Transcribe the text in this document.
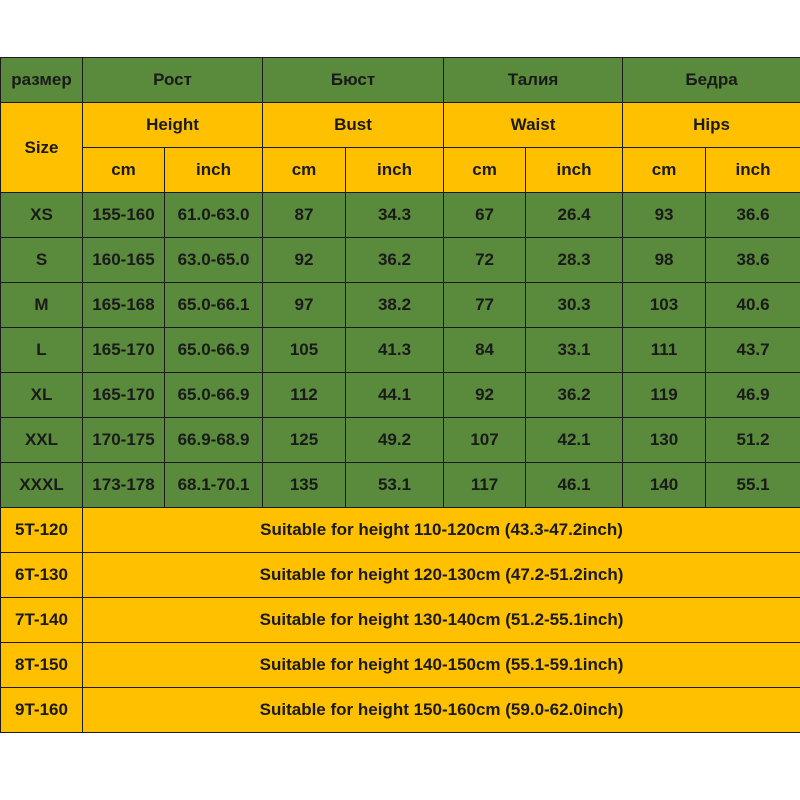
размер	Рост		Бюст		Талия		Бедра	
Size	Height		Bust		Waist		Hips	
	cm	inch	cm	inch	cm	inch	cm	inch
XS	155-160	61.0-63.0	87	34.3	67	26.4	93	36.6
S	160-165	63.0-65.0	92	36.2	72	28.3	98	38.6
M	165-168	65.0-66.1	97	38.2	77	30.3	103	40.6
L	165-170	65.0-66.9	105	41.3	84	33.1	111	43.7
XL	165-170	65.0-66.9	112	44.1	92	36.2	119	46.9
XXL	170-175	66.9-68.9	125	49.2	107	42.1	130	51.2
XXXL	173-178	68.1-70.1	135	53.1	117	46.1	140	55.1
5T-120	Suitable for height 110-120cm (43.3-47.2inch)							
6T-130	Suitable for height 120-130cm (47.2-51.2inch)							
7T-140	Suitable for height 130-140cm (51.2-55.1inch)							
8T-150	Suitable for height 140-150cm (55.1-59.1inch)							
9T-160	Suitable for height 150-160cm (59.0-62.0inch)							
